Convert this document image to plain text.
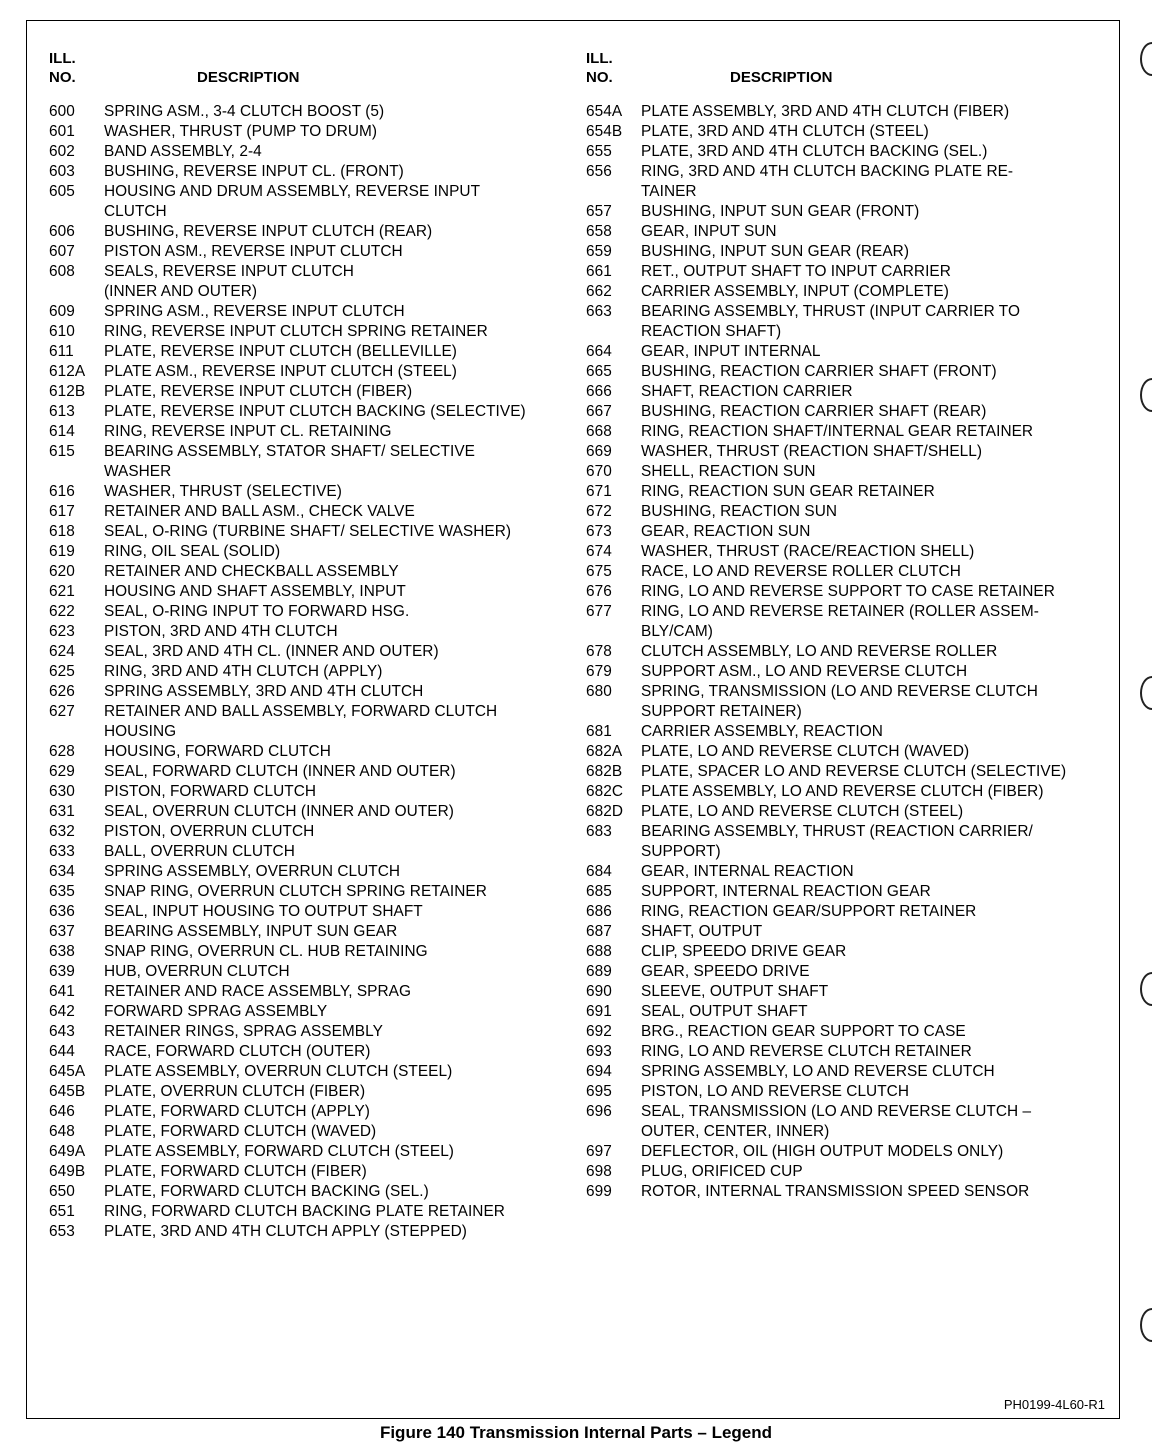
ILL.
NO.	DESCRIPTION
600	SPRING ASM., 3-4 CLUTCH BOOST (5)
601	WASHER, THRUST (PUMP TO DRUM)
602	BAND ASSEMBLY, 2-4
603	BUSHING, REVERSE INPUT CL. (FRONT)
605	HOUSING AND DRUM ASSEMBLY, REVERSE INPUT
CLUTCH
606	BUSHING, REVERSE INPUT CLUTCH (REAR)
607	PISTON ASM., REVERSE INPUT CLUTCH
608	SEALS, REVERSE INPUT CLUTCH
(INNER AND OUTER)
609	SPRING ASM., REVERSE INPUT CLUTCH
610	RING, REVERSE INPUT CLUTCH SPRING RETAINER
611	PLATE, REVERSE INPUT CLUTCH (BELLEVILLE)
612A	PLATE ASM., REVERSE INPUT CLUTCH (STEEL)
612B	PLATE, REVERSE INPUT CLUTCH (FIBER)
613	PLATE, REVERSE INPUT CLUTCH BACKING (SELECTIVE)
614	RING, REVERSE INPUT CL. RETAINING
615	BEARING ASSEMBLY, STATOR SHAFT/ SELECTIVE
WASHER
616	WASHER, THRUST (SELECTIVE)
617	RETAINER AND BALL ASM., CHECK VALVE
618	SEAL, O-RING (TURBINE SHAFT/ SELECTIVE WASHER)
619	RING, OIL SEAL (SOLID)
620	RETAINER AND CHECKBALL ASSEMBLY
621	HOUSING AND SHAFT ASSEMBLY, INPUT
622	SEAL, O-RING INPUT TO FORWARD HSG.
623	PISTON, 3RD AND 4TH CLUTCH
624	SEAL, 3RD AND 4TH CL. (INNER AND OUTER)
625	RING, 3RD AND 4TH CLUTCH (APPLY)
626	SPRING ASSEMBLY, 3RD AND 4TH CLUTCH
627	RETAINER AND BALL ASSEMBLY, FORWARD CLUTCH
HOUSING
628	HOUSING, FORWARD CLUTCH
629	SEAL, FORWARD CLUTCH (INNER AND OUTER)
630	PISTON, FORWARD CLUTCH
631	SEAL, OVERRUN CLUTCH (INNER AND OUTER)
632	PISTON, OVERRUN CLUTCH
633	BALL, OVERRUN CLUTCH
634	SPRING ASSEMBLY, OVERRUN CLUTCH
635	SNAP RING, OVERRUN CLUTCH SPRING RETAINER
636	SEAL, INPUT HOUSING TO OUTPUT SHAFT
637	BEARING ASSEMBLY, INPUT SUN GEAR
638	SNAP RING, OVERRUN CL. HUB RETAINING
639	HUB, OVERRUN CLUTCH
641	RETAINER AND RACE ASSEMBLY, SPRAG
642	FORWARD SPRAG ASSEMBLY
643	RETAINER RINGS, SPRAG ASSEMBLY
644	RACE, FORWARD CLUTCH (OUTER)
645A	PLATE ASSEMBLY, OVERRUN CLUTCH (STEEL)
645B	PLATE, OVERRUN CLUTCH (FIBER)
646	PLATE, FORWARD CLUTCH (APPLY)
648	PLATE, FORWARD CLUTCH (WAVED)
649A	PLATE ASSEMBLY, FORWARD CLUTCH (STEEL)
649B	PLATE, FORWARD CLUTCH (FIBER)
650	PLATE, FORWARD CLUTCH BACKING (SEL.)
651	RING, FORWARD CLUTCH BACKING PLATE RETAINER
653	PLATE, 3RD AND 4TH CLUTCH APPLY (STEPPED)
ILL.
NO.	DESCRIPTION
654A	PLATE ASSEMBLY, 3RD AND 4TH CLUTCH (FIBER)
654B	PLATE, 3RD AND 4TH CLUTCH (STEEL)
655	PLATE, 3RD AND 4TH CLUTCH BACKING (SEL.)
656	RING, 3RD AND 4TH CLUTCH BACKING PLATE RE-
TAINER
657	BUSHING, INPUT SUN GEAR (FRONT)
658	GEAR, INPUT SUN
659	BUSHING, INPUT SUN GEAR (REAR)
661	RET., OUTPUT SHAFT TO INPUT CARRIER
662	CARRIER ASSEMBLY, INPUT (COMPLETE)
663	BEARING ASSEMBLY, THRUST (INPUT CARRIER TO
REACTION SHAFT)
664	GEAR, INPUT INTERNAL
665	BUSHING, REACTION CARRIER SHAFT (FRONT)
666	SHAFT, REACTION CARRIER
667	BUSHING, REACTION CARRIER SHAFT (REAR)
668	RING, REACTION SHAFT/INTERNAL GEAR RETAINER
669	WASHER, THRUST (REACTION SHAFT/SHELL)
670	SHELL, REACTION SUN
671	RING, REACTION SUN GEAR RETAINER
672	BUSHING, REACTION SUN
673	GEAR, REACTION SUN
674	WASHER, THRUST (RACE/REACTION SHELL)
675	RACE, LO AND REVERSE ROLLER CLUTCH
676	RING, LO AND REVERSE SUPPORT TO CASE RETAINER
677	RING, LO AND REVERSE RETAINER (ROLLER ASSEM-
BLY/CAM)
678	CLUTCH ASSEMBLY, LO AND REVERSE ROLLER
679	SUPPORT ASM., LO AND REVERSE CLUTCH
680	SPRING, TRANSMISSION (LO AND REVERSE CLUTCH
SUPPORT RETAINER)
681	CARRIER ASSEMBLY, REACTION
682A	PLATE, LO AND REVERSE CLUTCH (WAVED)
682B	PLATE, SPACER LO AND REVERSE CLUTCH (SELECTIVE)
682C	PLATE ASSEMBLY, LO AND REVERSE CLUTCH (FIBER)
682D	PLATE, LO AND REVERSE CLUTCH (STEEL)
683	BEARING ASSEMBLY, THRUST (REACTION CARRIER/
SUPPORT)
684	GEAR, INTERNAL REACTION
685	SUPPORT, INTERNAL REACTION GEAR
686	RING, REACTION GEAR/SUPPORT RETAINER
687	SHAFT, OUTPUT
688	CLIP, SPEEDO DRIVE GEAR
689	GEAR, SPEEDO DRIVE
690	SLEEVE, OUTPUT SHAFT
691	SEAL, OUTPUT SHAFT
692	BRG., REACTION GEAR SUPPORT TO CASE
693	RING, LO AND REVERSE CLUTCH RETAINER
694	SPRING ASSEMBLY, LO AND REVERSE CLUTCH
695	PISTON, LO AND REVERSE CLUTCH
696	SEAL, TRANSMISSION (LO AND REVERSE CLUTCH –
OUTER, CENTER, INNER)
697	DEFLECTOR, OIL (HIGH OUTPUT MODELS ONLY)
698	PLUG, ORIFICED CUP
699	ROTOR, INTERNAL TRANSMISSION SPEED SENSOR
PH0199-4L60-R1
Figure 140 Transmission Internal Parts – Legend
